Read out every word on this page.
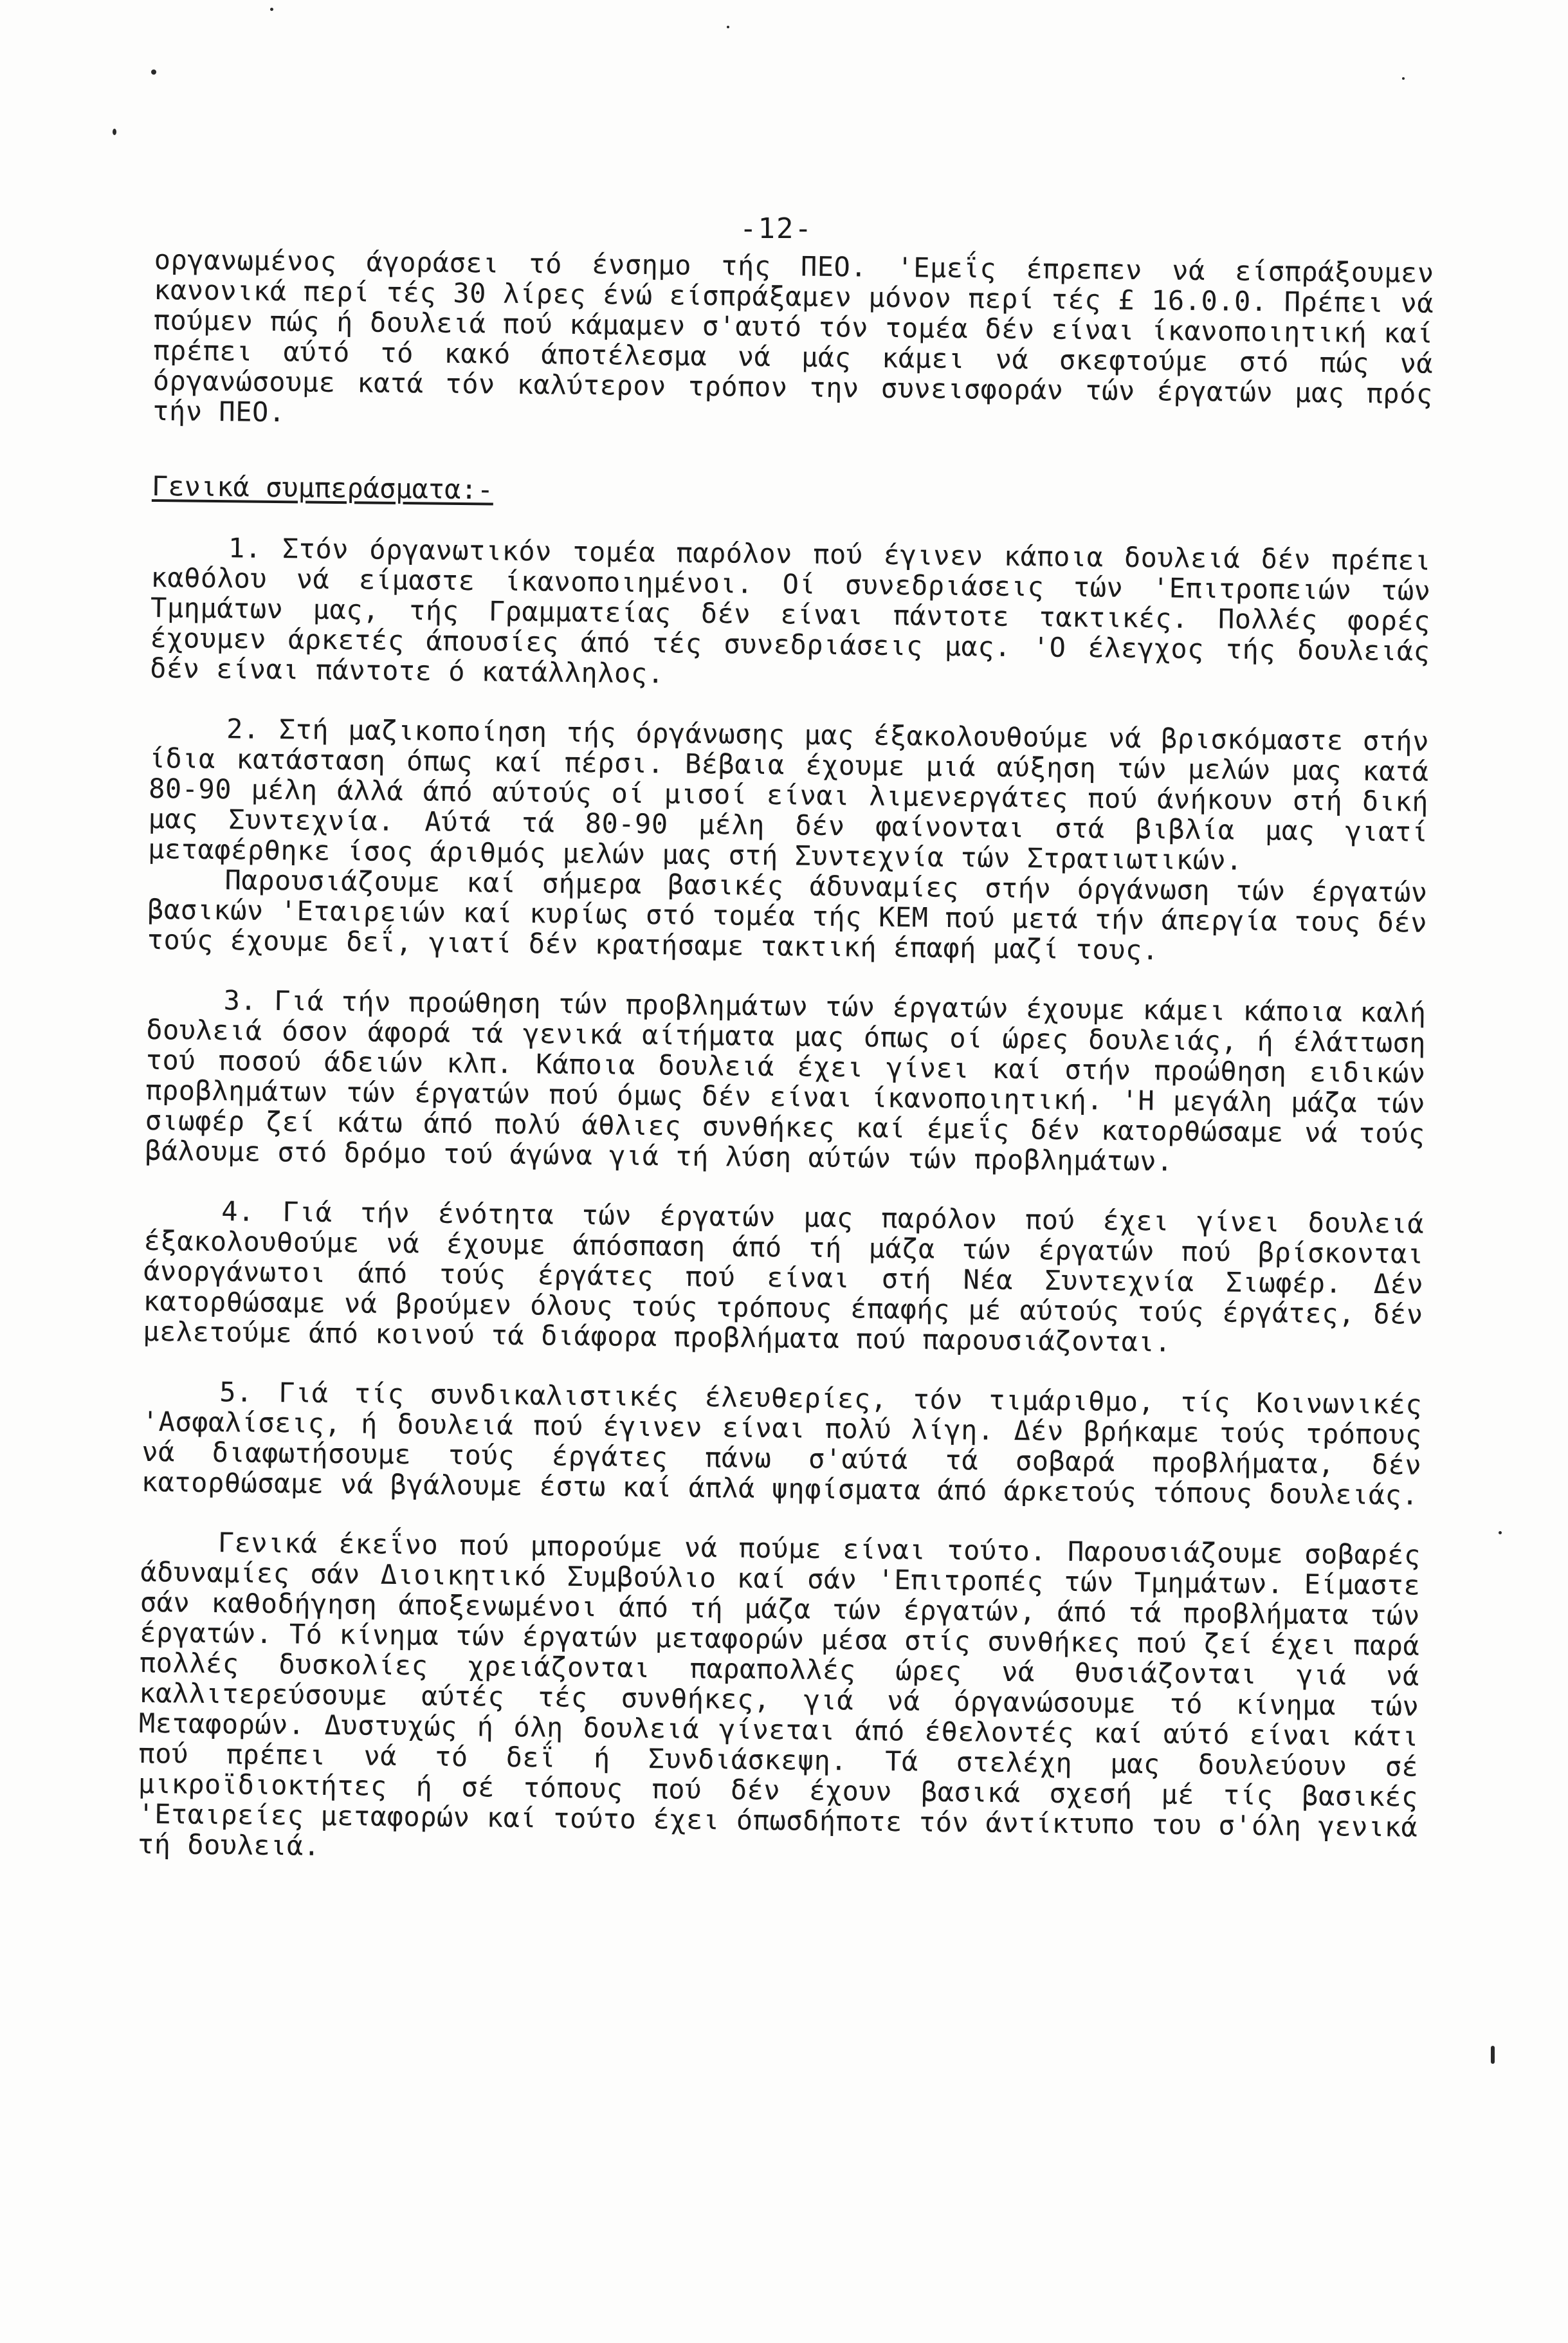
-12-

οργανωμένος άγοράσει τό ένσημο τής ΠΕΟ. 'Εμεΐς έπρεπεν νά είσπράξουμεν κανονικά περί τές 30 λίρες ένώ είσπράξαμεν μόνον περί τές £ 16.0.0. Πρέπει νά πούμεν πώς ή δουλειά πού κάμαμεν σ'αυτό τόν τομέα δέν είναι ίκανοποιητική καί πρέπει αύτό τό κακό άποτέλεσμα νά μάς κάμει νά σκεφτούμε στό πώς νά όργανώσουμε κατά τόν καλύτερον τρόπον την συνεισφοράν τών έργατών μας πρός τήν ΠΕΟ.

Γενικά συμπεράσματα:-

1. Στόν όργανωτικόν τομέα παρόλον πού έγινεν κάποια δουλειά δέν πρέπει καθόλου νά είμαστε ίκανοποιημένοι. Οί συνεδριάσεις τών 'Επιτροπειών τών Τμημάτων μας, τής Γραμματείας δέν είναι πάντοτε τακτικές. Πολλές φορές έχουμεν άρκετές άπουσίες άπό τές συνεδριάσεις μας. 'Ο έλεγχος τής δουλειάς δέν είναι πάντοτε ό κατάλληλος.

2. Στή μαζικοποίηση τής όργάνωσης μας έξακολουθούμε νά βρισκόμαστε στήν ίδια κατάσταση όπως καί πέρσι. Βέβαια έχουμε μιά αύξηση τών μελών μας κατά 80-90 μέλη άλλά άπό αύτούς οί μισοί είναι λιμενεργάτες πού άνήκουν στή δική μας Συντεχνία. Αύτά τά 80-90 μέλη δέν φαίνονται στά βιβλία μας γιατί μεταφέρθηκε ίσος άριθμός μελών μας στή Συντεχνία τών Στρατιωτικών.

Παρουσιάζουμε καί σήμερα βασικές άδυναμίες στήν όργάνωση τών έργατών βασικών 'Εταιρειών καί κυρίως στό τομέα τής ΚΕΜ πού μετά τήν άπεργία τους δέν τούς έχουμε δεΐ, γιατί δέν κρατήσαμε τακτική έπαφή μαζί τους.

3. Γιά τήν προώθηση τών προβλημάτων τών έργατών έχουμε κάμει κάποια καλή δουλειά όσον άφορά τά γενικά αίτήματα μας όπως οί ώρες δουλειάς, ή έλάττωση τού ποσού άδειών κλπ. Κάποια δουλειά έχει γίνει καί στήν προώθηση ειδικών προβλημάτων τών έργατών πού όμως δέν είναι ίκανοποιητική. 'Η μεγάλη μάζα τών σιωφέρ ζεί κάτω άπό πολύ άθλιες συνθήκες καί έμεΐς δέν κατορθώσαμε νά τούς βάλουμε στό δρόμο τού άγώνα γιά τή λύση αύτών τών προβλημάτων.

4. Γιά τήν ένότητα τών έργατών μας παρόλον πού έχει γίνει δουλειά έξακολουθούμε νά έχουμε άπόσπαση άπό τή μάζα τών έργατών πού βρίσκονται άνοργάνωτοι άπό τούς έργάτες πού είναι στή Νέα Συντεχνία Σιωφέρ. Δέν κατορθώσαμε νά βρούμεν όλους τούς τρόπους έπαφής μέ αύτούς τούς έργάτες, δέν μελετούμε άπό κοινού τά διάφορα προβλήματα πού παρουσιάζονται.

5. Γιά τίς συνδικαλιστικές έλευθερίες, τόν τιμάριθμο, τίς Κοινωνικές 'Ασφαλίσεις, ή δουλειά πού έγινεν είναι πολύ λίγη. Δέν βρήκαμε τούς τρόπους νά διαφωτήσουμε τούς έργάτες πάνω σ'αύτά τά σοβαρά προβλήματα, δέν κατορθώσαμε νά βγάλουμε έστω καί άπλά ψηφίσματα άπό άρκετούς τόπους δουλειάς.

Γενικά έκεΐνο πού μπορούμε νά πούμε είναι τούτο. Παρουσιάζουμε σοβαρές άδυναμίες σάν Διοικητικό Συμβούλιο καί σάν 'Επιτροπές τών Τμημάτων. Είμαστε σάν καθοδήγηση άποξενωμένοι άπό τή μάζα τών έργατών, άπό τά προβλήματα τών έργατών. Τό κίνημα τών έργατών μεταφορών μέσα στίς συνθήκες πού ζεί έχει παρά πολλές δυσκολίες χρειάζονται παραπολλές ώρες νά θυσιάζονται γιά νά καλλιτερεύσουμε αύτές τές συνθήκες, γιά νά όργανώσουμε τό κίνημα τών Μεταφορών. Δυστυχώς ή όλη δουλειά γίνεται άπό έθελοντές καί αύτό είναι κάτι πού πρέπει νά τό δεΐ ή Συνδιάσκεψη. Τά στελέχη μας δουλεύουν σέ μικροϊδιοκτήτες ή σέ τόπους πού δέν έχουν βασικά σχεσή μέ τίς βασικές 'Εταιρείες μεταφορών καί τούτο έχει όπωσδήποτε τόν άντίκτυπο του σ'όλη γενικά τή δουλειά.
